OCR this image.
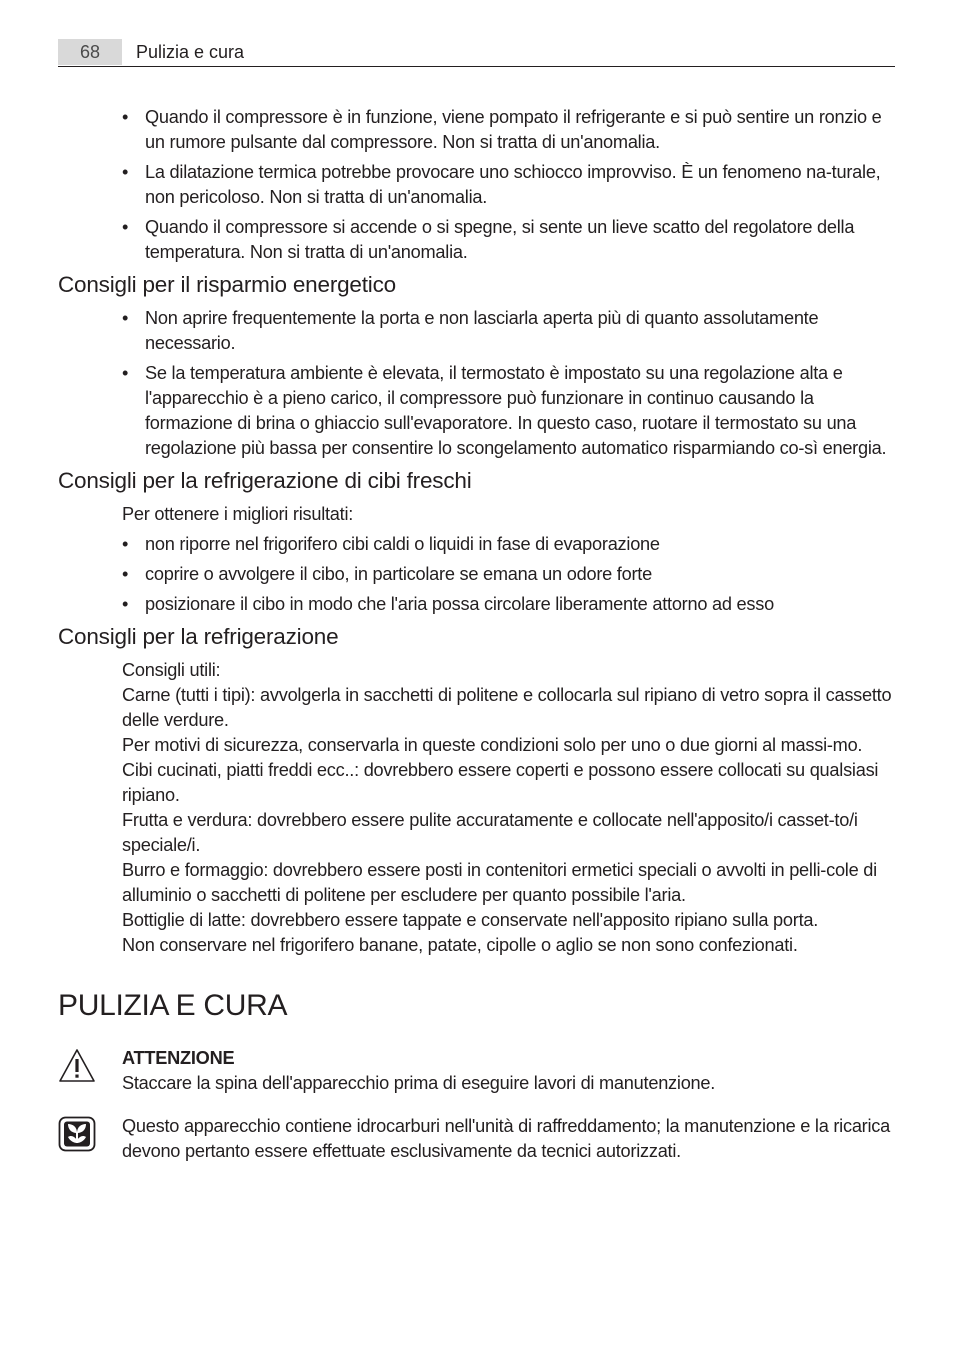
68	Pulizia e cura
• Quando il compressore è in funzione, viene pompato il refrigerante e si può sentire un ronzio e un rumore pulsante dal compressore. Non si tratta di un'anomalia.
• La dilatazione termica potrebbe provocare uno schiocco improvviso. È un fenomeno na-turale, non pericoloso. Non si tratta di un'anomalia.
• Quando il compressore si accende o si spegne, si sente un lieve scatto del regolatore della temperatura. Non si tratta di un'anomalia.
Consigli per il risparmio energetico
• Non aprire frequentemente la porta e non lasciarla aperta più di quanto assolutamente necessario.
• Se la temperatura ambiente è elevata, il termostato è impostato su una regolazione alta e l'apparecchio è a pieno carico, il compressore può funzionare in continuo causando la formazione di brina o ghiaccio sull'evaporatore. In questo caso, ruotare il termostato su una regolazione più bassa per consentire lo scongelamento automatico risparmiando co-sì energia.
Consigli per la refrigerazione di cibi freschi
Per ottenere i migliori risultati:
• non riporre nel frigorifero cibi caldi o liquidi in fase di evaporazione
• coprire o avvolgere il cibo, in particolare se emana un odore forte
• posizionare il cibo in modo che l'aria possa circolare liberamente attorno ad esso
Consigli per la refrigerazione
Consigli utili:
Carne (tutti i tipi): avvolgerla in sacchetti di politene e collocarla sul ripiano di vetro sopra il cassetto delle verdure.
Per motivi di sicurezza, conservarla in queste condizioni solo per uno o due giorni al massi-mo.
Cibi cucinati, piatti freddi ecc..: dovrebbero essere coperti e possono essere collocati su qualsiasi ripiano.
Frutta e verdura: dovrebbero essere pulite accuratamente e collocate nell'apposito/i casset-to/i speciale/i.
Burro e formaggio: dovrebbero essere posti in contenitori ermetici speciali o avvolti in pelli-cole di alluminio o sacchetti di politene per escludere per quanto possibile l'aria.
Bottiglie di latte: dovrebbero essere tappate e conservate nell'apposito ripiano sulla porta.
Non conservare nel frigorifero banane, patate, cipolle o aglio se non sono confezionati.
PULIZIA E CURA
ATTENZIONE
Staccare la spina dell'apparecchio prima di eseguire lavori di manutenzione.
Questo apparecchio contiene idrocarburi nell'unità di raffreddamento; la manutenzione e la ricarica devono pertanto essere effettuate esclusivamente da tecnici autorizzati.
